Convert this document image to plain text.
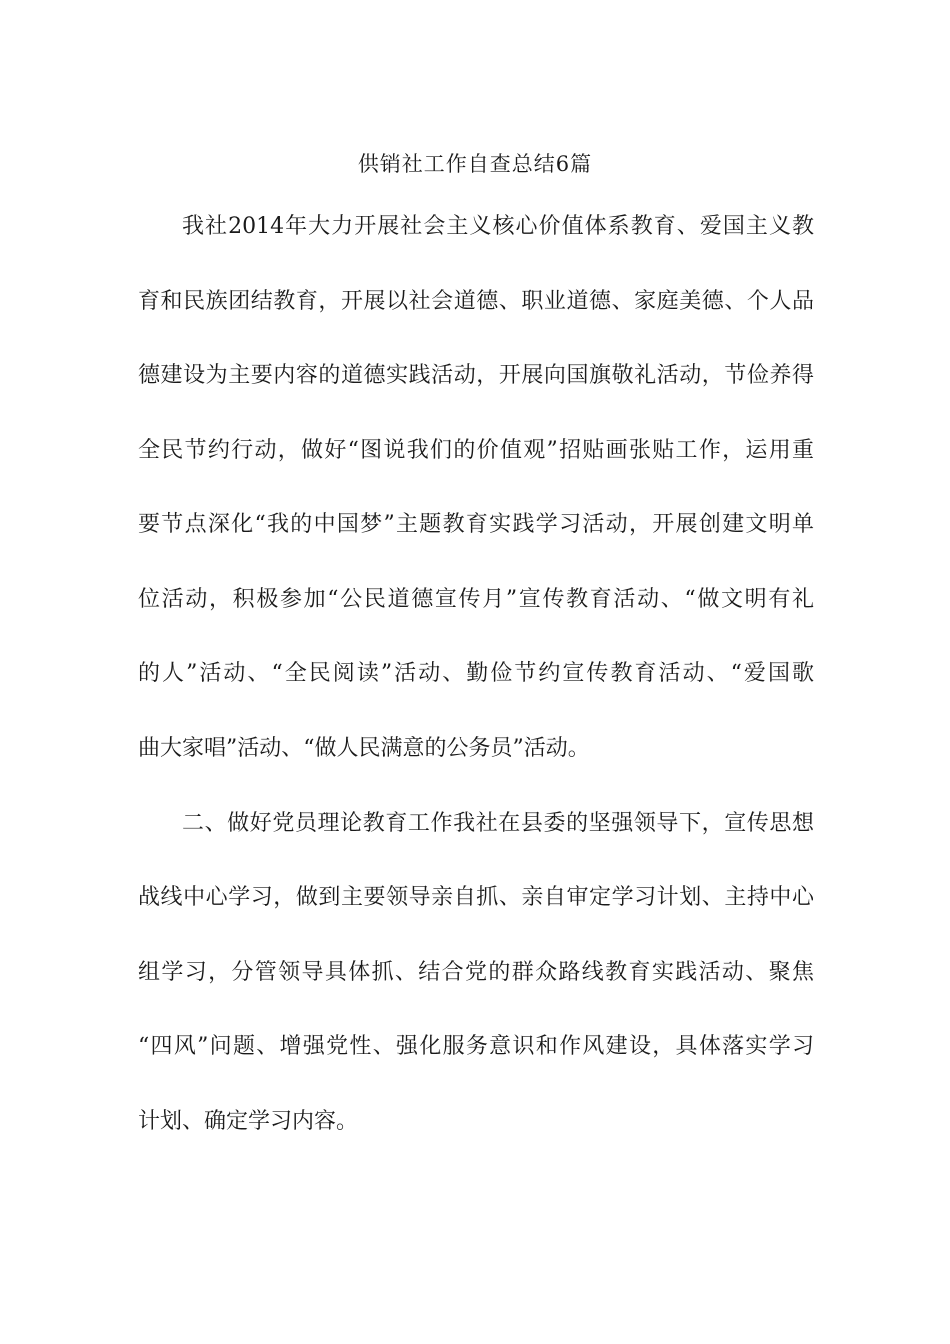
供销社工作自查总结6篇
我社2014年大力开展社会主义核心价值体系教育、爱国主义教
育和民族团结教育，开展以社会道德、职业道德、家庭美德、个人品
德建设为主要内容的道德实践活动，开展向国旗敬礼活动，节俭养得
全民节约行动，做好“图说我们的价值观”招贴画张贴工作，运用重
要节点深化“我的中国梦”主题教育实践学习活动，开展创建文明单
位活动，积极参加“公民道德宣传月”宣传教育活动、“做文明有礼
的人”活动、“全民阅读”活动、勤俭节约宣传教育活动、“爱国歌
曲大家唱”活动、“做人民满意的公务员”活动。
二、做好党员理论教育工作我社在县委的坚强领导下，宣传思想
战线中心学习，做到主要领导亲自抓、亲自审定学习计划、主持中心
组学习，分管领导具体抓、结合党的群众路线教育实践活动、聚焦
“四风”问题、增强党性、强化服务意识和作风建设，具体落实学习
计划、确定学习内容。
